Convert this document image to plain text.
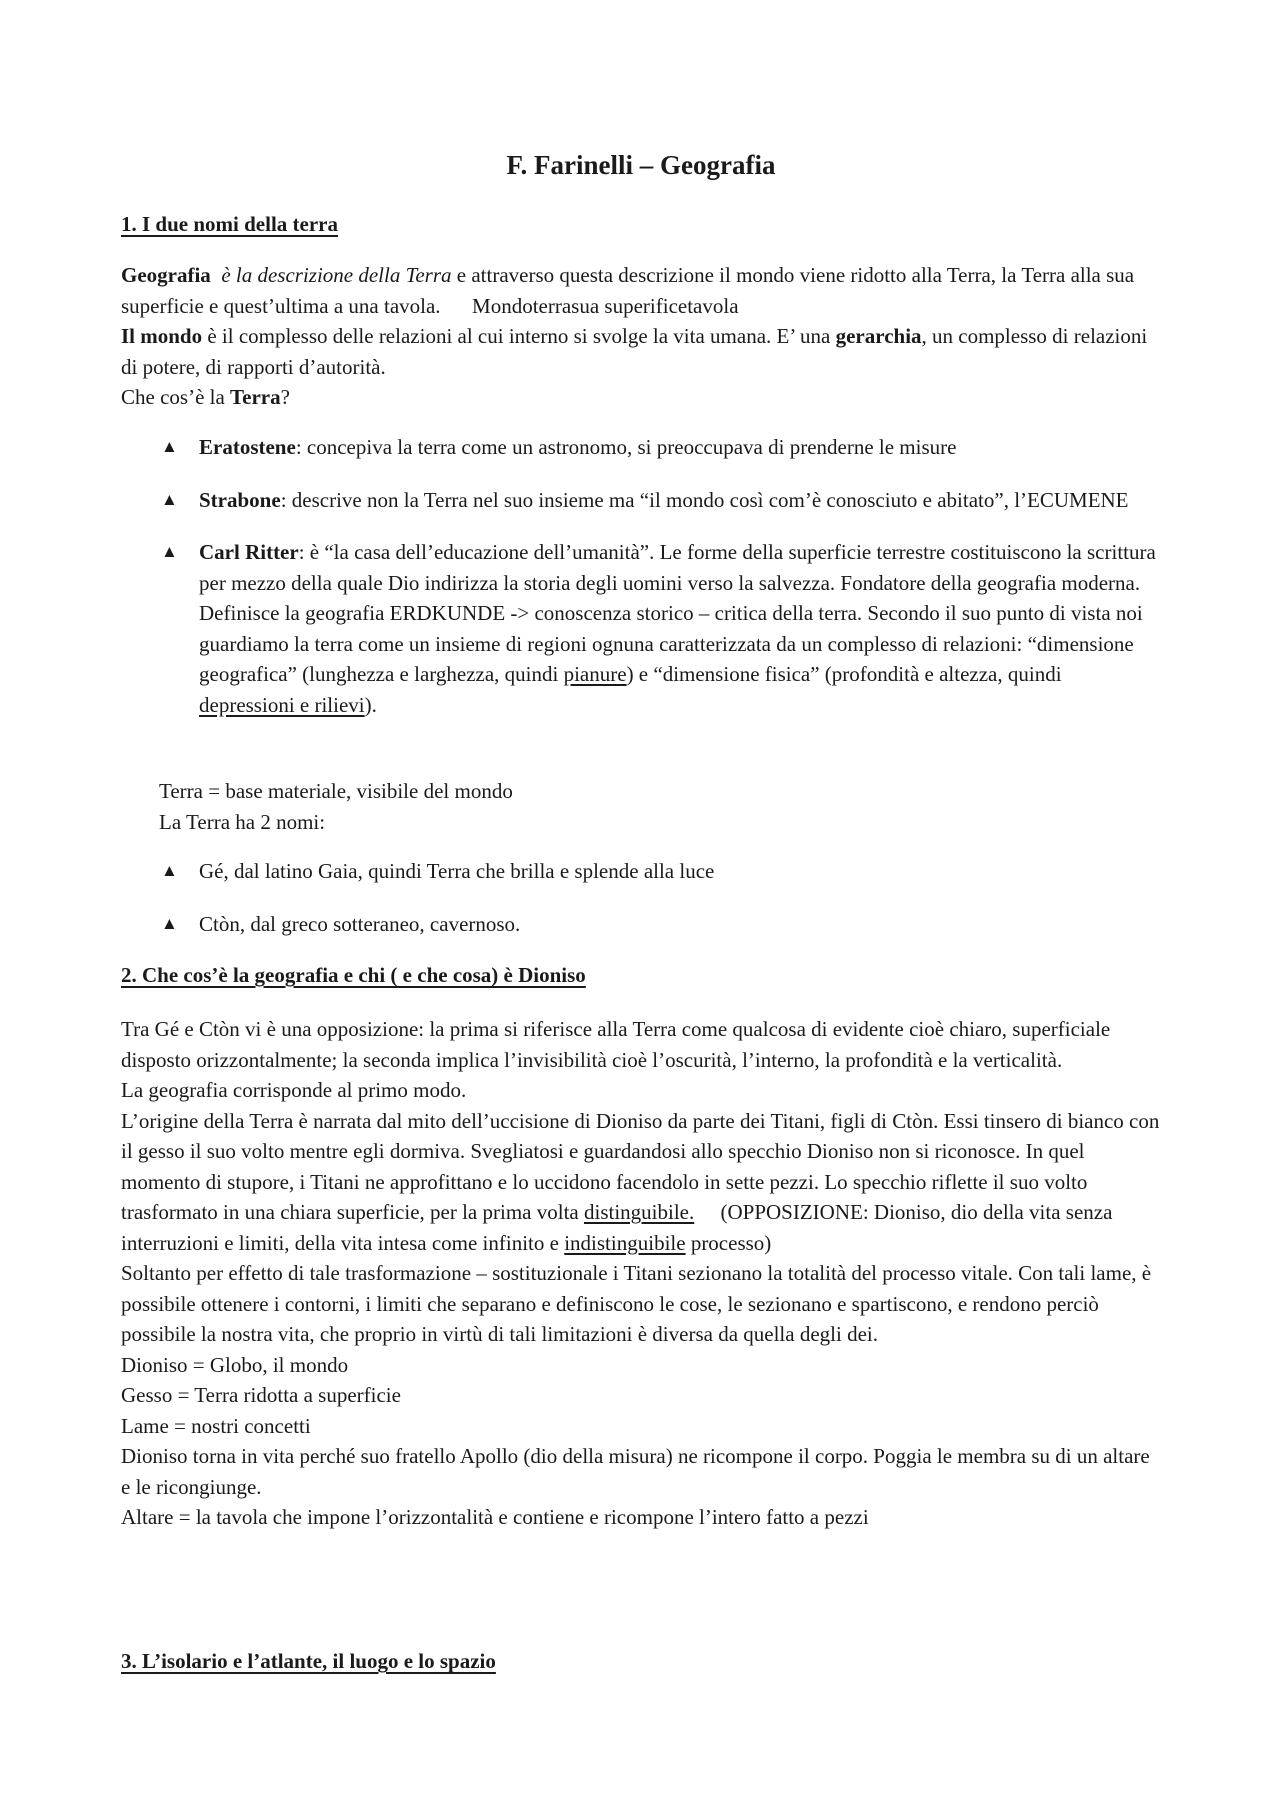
F. Farinelli – Geografia
1. I due nomi della terra
Geografia è la descrizione della Terra e attraverso questa descrizione il mondo viene ridotto alla Terra, la Terra alla sua superficie e quest’ultima a una tavola. Mondoterrasua superificetavola
Il mondo è il complesso delle relazioni al cui interno si svolge la vita umana. E’ una gerarchia, un complesso di relazioni di potere, di rapporti d’autorità.
Che cos’è la Terra?
▲ Eratostene: concepiva la terra come un astronomo, si preoccupava di prenderne le misure
▲ Strabone: descrive non la Terra nel suo insieme ma “il mondo così com’è conosciuto e abitato”, l’ECUMENE
▲ Carl Ritter: è “la casa dell’educazione dell’umanità”. Le forme della superficie terrestre costituiscono la scrittura per mezzo della quale Dio indirizza la storia degli uomini verso la salvezza. Fondatore della geografia moderna. Definisce la geografia ERDKUNDE -> conoscenza storico – critica della terra. Secondo il suo punto di vista noi guardiamo la terra come un insieme di regioni ognuna caratterizzata da un complesso di relazioni: “dimensione geografica” (lunghezza e larghezza, quindi pianure) e “dimensione fisica” (profondità e altezza, quindi depressioni e rilievi).
Terra = base materiale, visibile del mondo
La Terra ha 2 nomi:
▲ Gé, dal latino Gaia, quindi Terra che brilla e splende alla luce
▲ Ctòn, dal greco sotteraneo, cavernoso.
2. Che cos’è la geografia e chi ( e che cosa) è Dioniso
Tra Gé e Ctòn vi è una opposizione: la prima si riferisce alla Terra come qualcosa di evidente cioè chiaro, superficiale disposto orizzontalmente; la seconda implica l’invisibilità cioè l’oscurità, l’interno, la profondità e la verticalità.
La geografia corrisponde al primo modo.
L’origine della Terra è narrata dal mito dell’uccisione di Dioniso da parte dei Titani, figli di Ctòn. Essi tinsero di bianco con il gesso il suo volto mentre egli dormiva. Svegliatosi e guardandosi allo specchio Dioniso non si riconosce. In quel momento di stupore, i Titani ne approfittano e lo uccidono facendolo in sette pezzi. Lo specchio riflette il suo volto trasformato in una chiara superficie, per la prima volta distinguibile. (OPPOSIZIONE: Dioniso, dio della vita senza interruzioni e limiti, della vita intesa come infinito e indistinguibile processo)
Soltanto per effetto di tale trasformazione – sostituzionale i Titani sezionano la totalità del processo vitale. Con tali lame, è possibile ottenere i contorni, i limiti che separano e definiscono le cose, le sezionano e spartiscono, e rendono perciò possibile la nostra vita, che proprio in virtù di tali limitazioni è diversa da quella degli dei.
Dioniso = Globo, il mondo
Gesso = Terra ridotta a superficie
Lame = nostri concetti
Dioniso torna in vita perché suo fratello Apollo (dio della misura) ne ricompone il corpo. Poggia le membra su di un altare e le ricongiunge.
Altare = la tavola che impone l’orizzontalità e contiene e ricompone l’intero fatto a pezzi
3. L’isolario e l’atlante, il luogo e lo spazio
